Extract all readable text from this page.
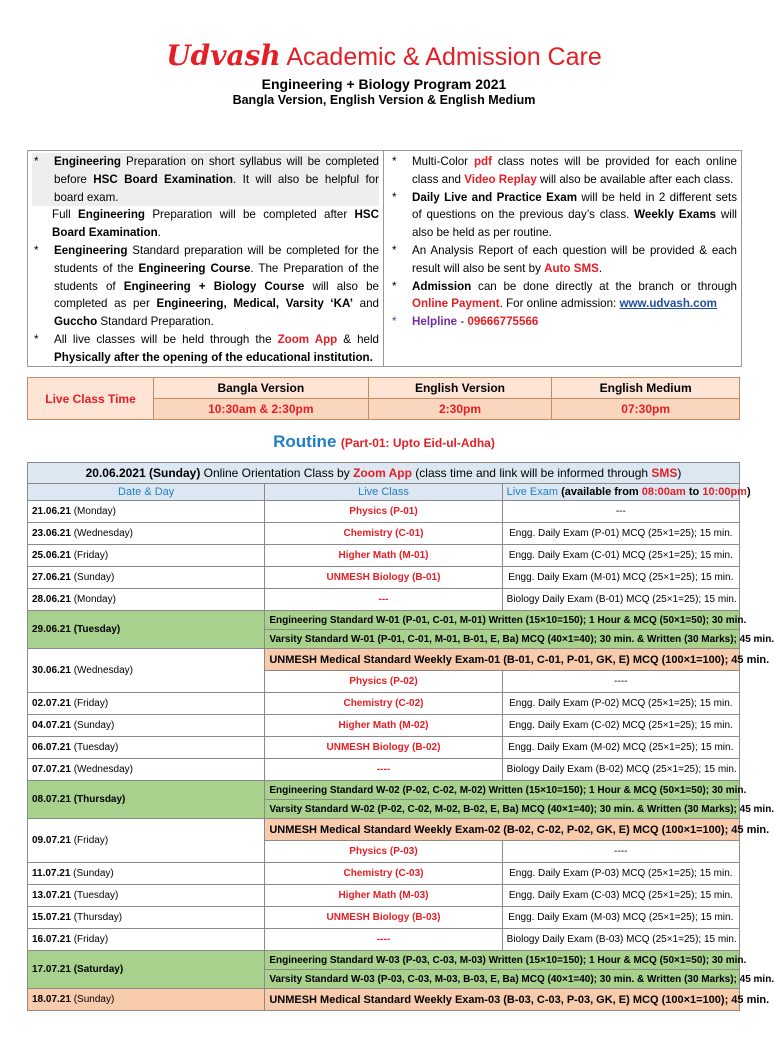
Udvash Academic & Admission Care
Engineering + Biology Program 2021
Bangla Version, English Version & English Medium
*	Engineering Preparation on short syllabus will be completed before HSC Board Examination. It will also be helpful for board exam.
Full Engineering Preparation will be completed after HSC Board Examination.
*	Eengineering Standard preparation will be completed for the students of the Engineering Course. The Preparation of the students of Engineering + Biology Course will also be completed as per Engineering, Medical, Varsity ‘KA’ and Guccho Standard Preparation.
*	All live classes will be held through the Zoom App & held Physically after the opening of the educational institution.
*	Multi-Color pdf class notes will be provided for each online class and Video Replay will also be available after each class.
*	Daily Live and Practice Exam will be held in 2 different sets of questions on the previous day’s class. Weekly Exams will also be held as per routine.
*	An Analysis Report of each question will be provided & each result will also be sent by Auto SMS.
*	Admission can be done directly at the branch or through Online Payment. For online admission: www.udvash.com
*	Helpline - 09666775566
Live Class Time	Bangla Version	English Version	English Medium
	10:30am & 2:30pm	2:30pm	07:30pm
Routine (Part-01: Upto Eid-ul-Adha)
20.06.2021 (Sunday) Online Orientation Class by Zoom App (class time and link will be informed through SMS)		
Date & Day	Live Class	Live Exam (available from 08:00am to 10:00pm)
21.06.21 (Monday)	Physics (P-01)	---
23.06.21 (Wednesday)	Chemistry (C-01)	Engg. Daily Exam (P-01) MCQ (25×1=25); 15 min.
25.06.21 (Friday)	Higher Math (M-01)	Engg. Daily Exam (C-01) MCQ (25×1=25); 15 min.
27.06.21 (Sunday)	UNMESH Biology (B-01)	Engg. Daily Exam (M-01) MCQ (25×1=25); 15 min.
28.06.21 (Monday)	---	Biology Daily Exam (B-01) MCQ (25×1=25); 15 min.
29.06.21 (Tuesday)	Engineering Standard W-01 (P-01, C-01, M-01) Written (15×10=150); 1 Hour & MCQ (50×1=50); 30 min.	
	Varsity Standard W-01 (P-01, C-01, M-01, B-01, E, Ba) MCQ (40×1=40); 30 min. & Written (30 Marks); 45 min.	
30.06.21 (Wednesday)	UNMESH Medical Standard Weekly Exam-01 (B-01, C-01, P-01, GK, E) MCQ (100×1=100); 45 min.	
	Physics (P-02)	----
02.07.21 (Friday)	Chemistry (C-02)	Engg. Daily Exam (P-02) MCQ (25×1=25); 15 min.
04.07.21 (Sunday)	Higher Math (M-02)	Engg. Daily Exam (C-02) MCQ (25×1=25); 15 min.
06.07.21 (Tuesday)	UNMESH Biology (B-02)	Engg. Daily Exam (M-02) MCQ (25×1=25); 15 min.
07.07.21 (Wednesday)	----	Biology Daily Exam (B-02) MCQ (25×1=25); 15 min.
08.07.21 (Thursday)	Engineering Standard W-02 (P-02, C-02, M-02) Written (15×10=150); 1 Hour & MCQ (50×1=50); 30 min.	
	Varsity Standard W-02 (P-02, C-02, M-02, B-02, E, Ba) MCQ (40×1=40); 30 min. & Written (30 Marks); 45 min.	
09.07.21 (Friday)	UNMESH Medical Standard Weekly Exam-02 (B-02, C-02, P-02, GK, E) MCQ (100×1=100); 45 min.	
	Physics (P-03)	----
11.07.21 (Sunday)	Chemistry (C-03)	Engg. Daily Exam (P-03) MCQ (25×1=25); 15 min.
13.07.21 (Tuesday)	Higher Math (M-03)	Engg. Daily Exam (C-03) MCQ (25×1=25); 15 min.
15.07.21 (Thursday)	UNMESH Biology (B-03)	Engg. Daily Exam (M-03) MCQ (25×1=25); 15 min.
16.07.21 (Friday)	----	Biology Daily Exam (B-03) MCQ (25×1=25); 15 min.
17.07.21 (Saturday)	Engineering Standard W-03 (P-03, C-03, M-03) Written (15×10=150); 1 Hour & MCQ (50×1=50); 30 min.	
	Varsity Standard W-03 (P-03, C-03, M-03, B-03, E, Ba) MCQ (40×1=40); 30 min. & Written (30 Marks); 45 min.	
18.07.21 (Sunday)	UNMESH Medical Standard Weekly Exam-03 (B-03, C-03, P-03, GK, E) MCQ (100×1=100); 45 min.	
